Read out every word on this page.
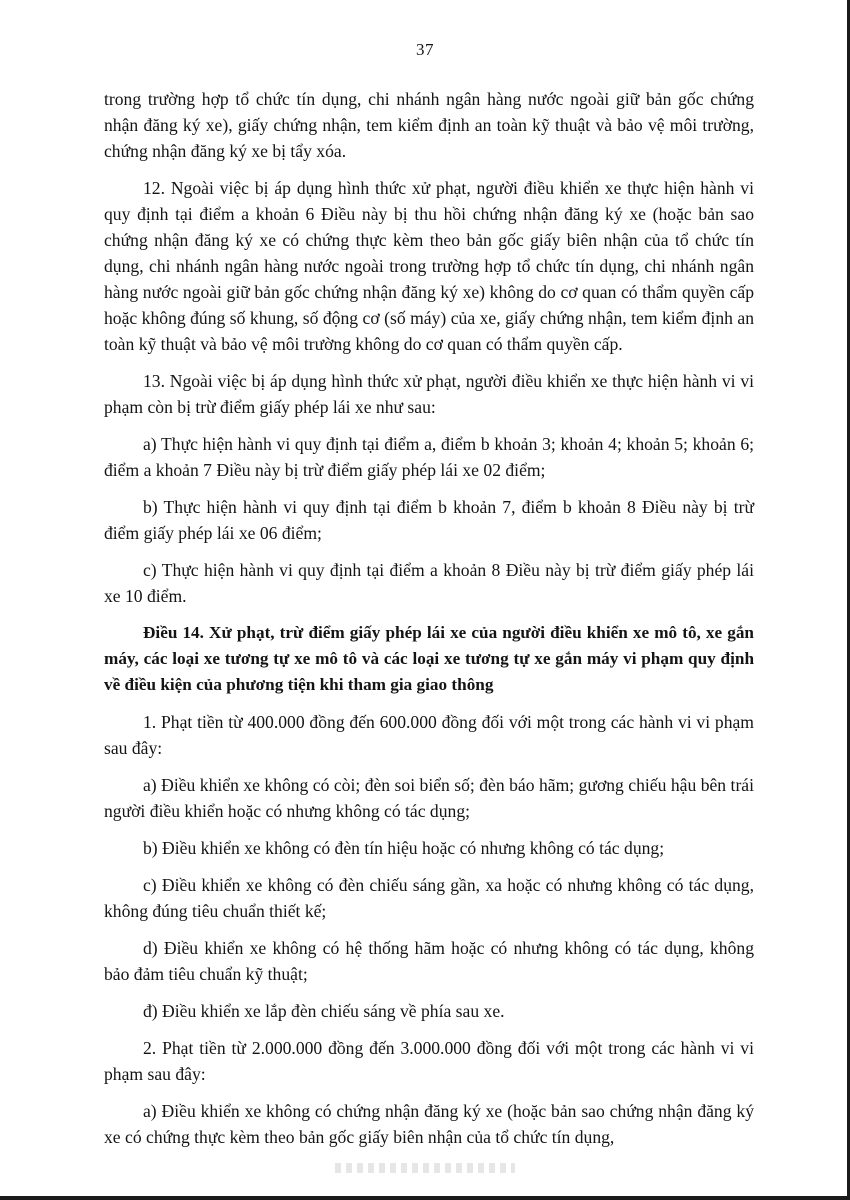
37

trong trường hợp tổ chức tín dụng, chi nhánh ngân hàng nước ngoài giữ bản gốc chứng nhận đăng ký xe), giấy chứng nhận, tem kiểm định an toàn kỹ thuật và bảo vệ môi trường, chứng nhận đăng ký xe bị tẩy xóa.

12. Ngoài việc bị áp dụng hình thức xử phạt, người điều khiển xe thực hiện hành vi quy định tại điểm a khoản 6 Điều này bị thu hồi chứng nhận đăng ký xe (hoặc bản sao chứng nhận đăng ký xe có chứng thực kèm theo bản gốc giấy biên nhận của tổ chức tín dụng, chi nhánh ngân hàng nước ngoài trong trường hợp tổ chức tín dụng, chi nhánh ngân hàng nước ngoài giữ bản gốc chứng nhận đăng ký xe) không do cơ quan có thẩm quyền cấp hoặc không đúng số khung, số động cơ (số máy) của xe, giấy chứng nhận, tem kiểm định an toàn kỹ thuật và bảo vệ môi trường không do cơ quan có thẩm quyền cấp.

13. Ngoài việc bị áp dụng hình thức xử phạt, người điều khiển xe thực hiện hành vi vi phạm còn bị trừ điểm giấy phép lái xe như sau:

a) Thực hiện hành vi quy định tại điểm a, điểm b khoản 3; khoản 4; khoản 5; khoản 6; điểm a khoản 7 Điều này bị trừ điểm giấy phép lái xe 02 điểm;

b) Thực hiện hành vi quy định tại điểm b khoản 7, điểm b khoản 8 Điều này bị trừ điểm giấy phép lái xe 06 điểm;

c) Thực hiện hành vi quy định tại điểm a khoản 8 Điều này bị trừ điểm giấy phép lái xe 10 điểm.

Điều 14. Xử phạt, trừ điểm giấy phép lái xe của người điều khiển xe mô tô, xe gắn máy, các loại xe tương tự xe mô tô và các loại xe tương tự xe gắn máy vi phạm quy định về điều kiện của phương tiện khi tham gia giao thông

1. Phạt tiền từ 400.000 đồng đến 600.000 đồng đối với một trong các hành vi vi phạm sau đây:

a) Điều khiển xe không có còi; đèn soi biển số; đèn báo hãm; gương chiếu hậu bên trái người điều khiển hoặc có nhưng không có tác dụng;

b) Điều khiển xe không có đèn tín hiệu hoặc có nhưng không có tác dụng;

c) Điều khiển xe không có đèn chiếu sáng gần, xa hoặc có nhưng không có tác dụng, không đúng tiêu chuẩn thiết kế;

d) Điều khiển xe không có hệ thống hãm hoặc có nhưng không có tác dụng, không bảo đảm tiêu chuẩn kỹ thuật;

đ) Điều khiển xe lắp đèn chiếu sáng về phía sau xe.

2. Phạt tiền từ 2.000.000 đồng đến 3.000.000 đồng đối với một trong các hành vi vi phạm sau đây:

a) Điều khiển xe không có chứng nhận đăng ký xe (hoặc bản sao chứng nhận đăng ký xe có chứng thực kèm theo bản gốc giấy biên nhận của tổ chức tín dụng,
